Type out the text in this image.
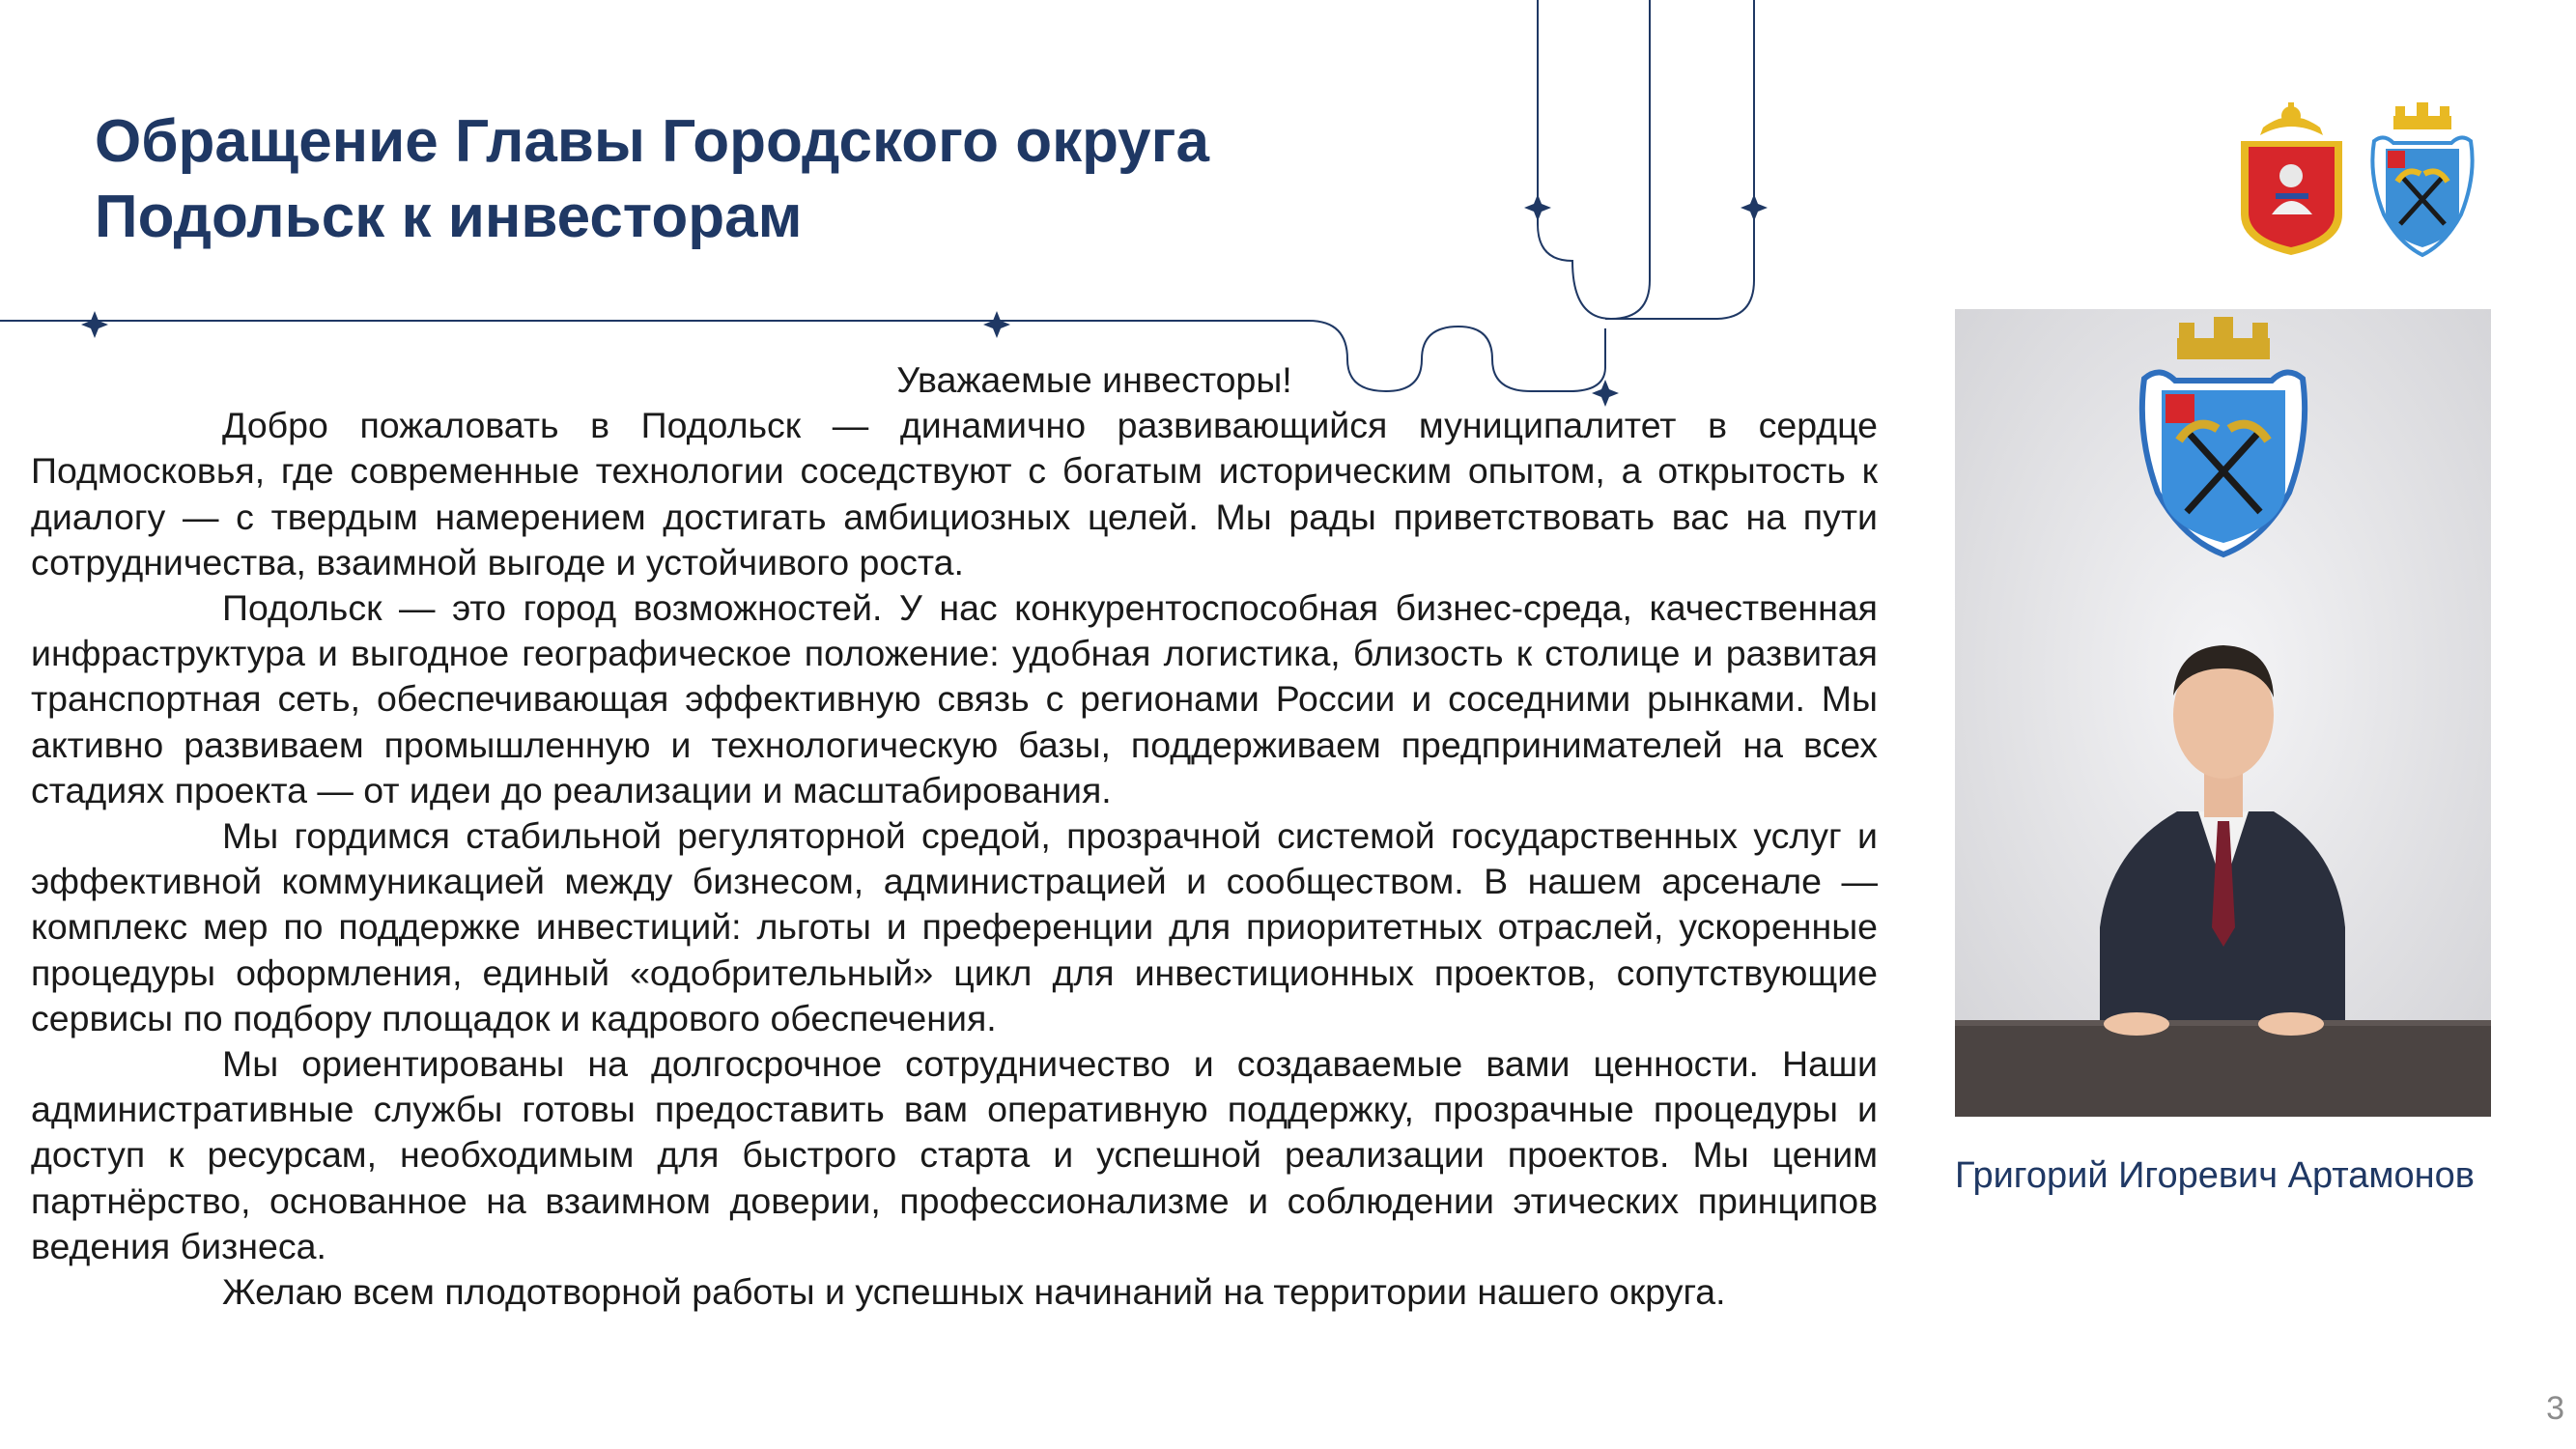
Обращение Главы Городского округа
Подольск к инвесторам
Уважаемые инвесторы!

Добро пожаловать в Подольск — динамично развивающийся муниципалитет в сердце Подмосковья, где современные технологии соседствуют с богатым историческим опытом, а открытость к диалогу — с твердым намерением достигать амбициозных целей. Мы рады приветствовать вас на пути сотрудничества, взаимной выгоде и устойчивого роста.

Подольск — это город возможностей. У нас конкурентоспособная бизнес-среда, качественная инфраструктура и выгодное географическое положение: удобная логистика, близость к столице и развитая транспортная сеть, обеспечивающая эффективную связь с регионами России и соседними рынками. Мы активно развиваем промышленную и технологическую базы, поддерживаем предпринимателей на всех стадиях проекта — от идеи до реализации и масштабирования.

Мы гордимся стабильной регуляторной средой, прозрачной системой государственных услуг и эффективной коммуникацией между бизнесом, администрацией и сообществом. В нашем арсенале — комплекс мер по поддержке инвестиций: льготы и преференции для приоритетных отраслей, ускоренные процедуры оформления, единый «одобрительный» цикл для инвестиционных проектов, сопутствующие сервисы по подбору площадок и кадрового обеспечения.

Мы ориентированы на долгосрочное сотрудничество и создаваемые вами ценности. Наши административные службы готовы предоставить вам оперативную поддержку, прозрачные процедуры и доступ к ресурсам, необходимым для быстрого старта и успешной реализации проектов. Мы ценим партнёрство, основанное на взаимном доверии, профессионализме и соблюдении этических принципов ведения бизнеса.

Желаю всем плодотворной работы и успешных начинаний на территории нашего округа.

Григорий Игоревич Артамонов
3
